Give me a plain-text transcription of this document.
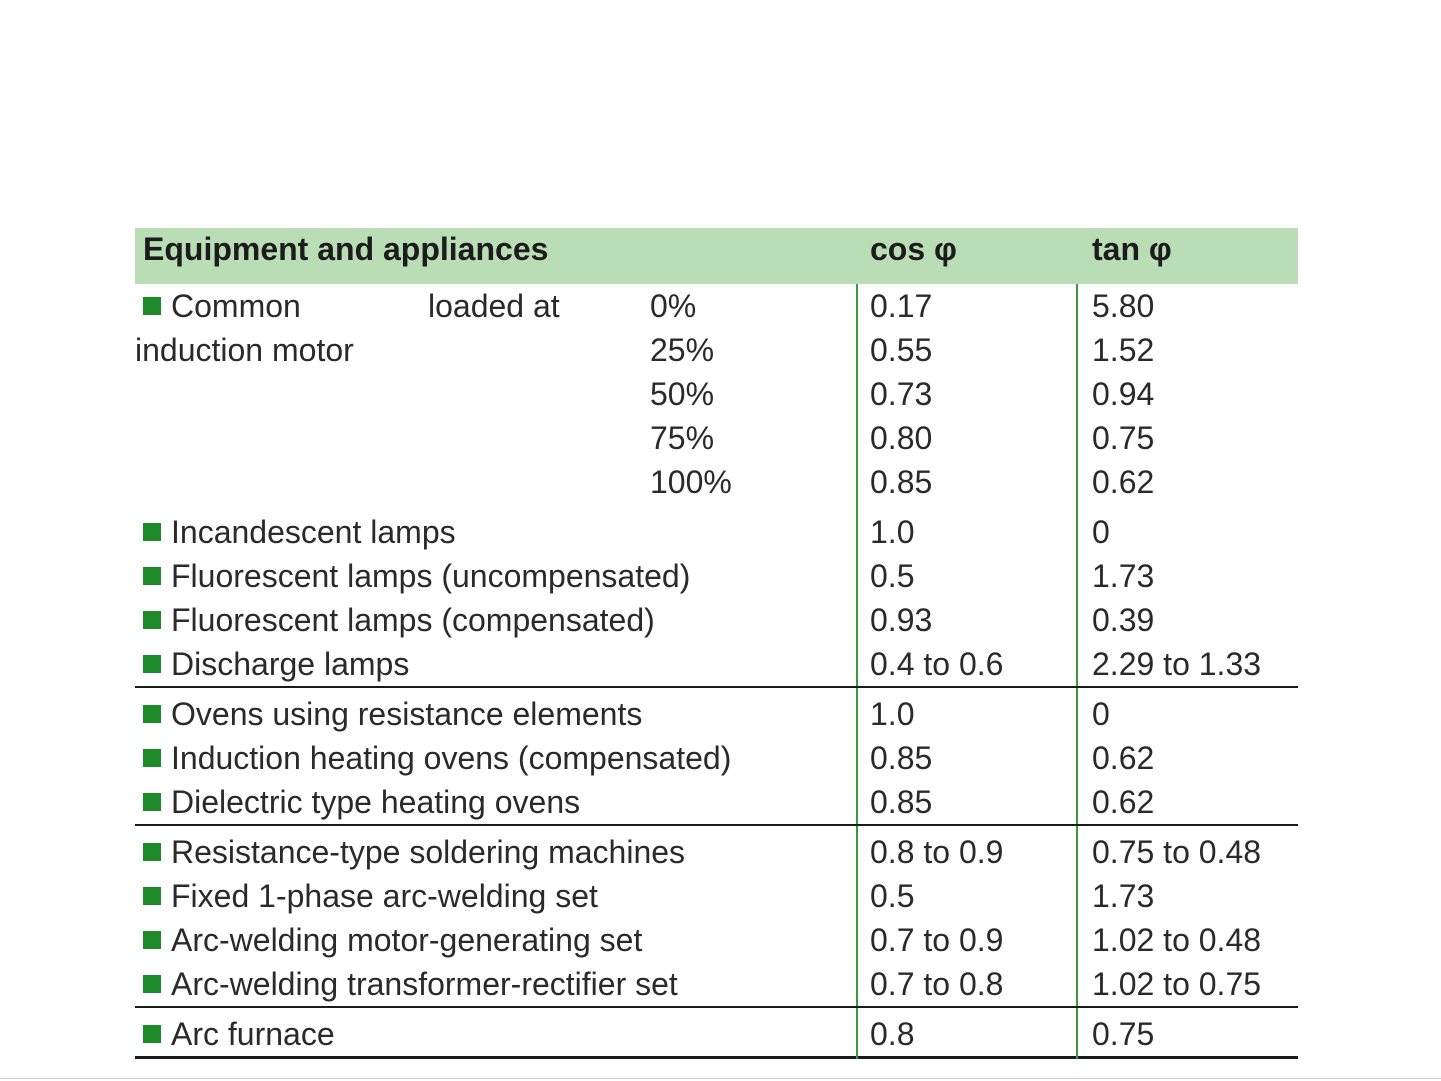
Equipment and appliances	cos φ	tan φ
Common	loaded at	0%	0.17	5.80
induction motor	25%	0.55	1.52
50%	0.73	0.94
75%	0.80	0.75
100%	0.85	0.62
Incandescent lamps	1.0	0
Fluorescent lamps (uncompensated)	0.5	1.73
Fluorescent lamps (compensated)	0.93	0.39
Discharge lamps	0.4 to 0.6	2.29 to 1.33
Ovens using resistance elements	1.0	0
Induction heating ovens (compensated)	0.85	0.62
Dielectric type heating ovens	0.85	0.62
Resistance-type soldering machines	0.8 to 0.9	0.75 to 0.48
Fixed 1-phase arc-welding set	0.5	1.73
Arc-welding motor-generating set	0.7 to 0.9	1.02 to 0.48
Arc-welding transformer-rectifier set	0.7 to 0.8	1.02 to 0.75
Arc furnace	0.8	0.75
